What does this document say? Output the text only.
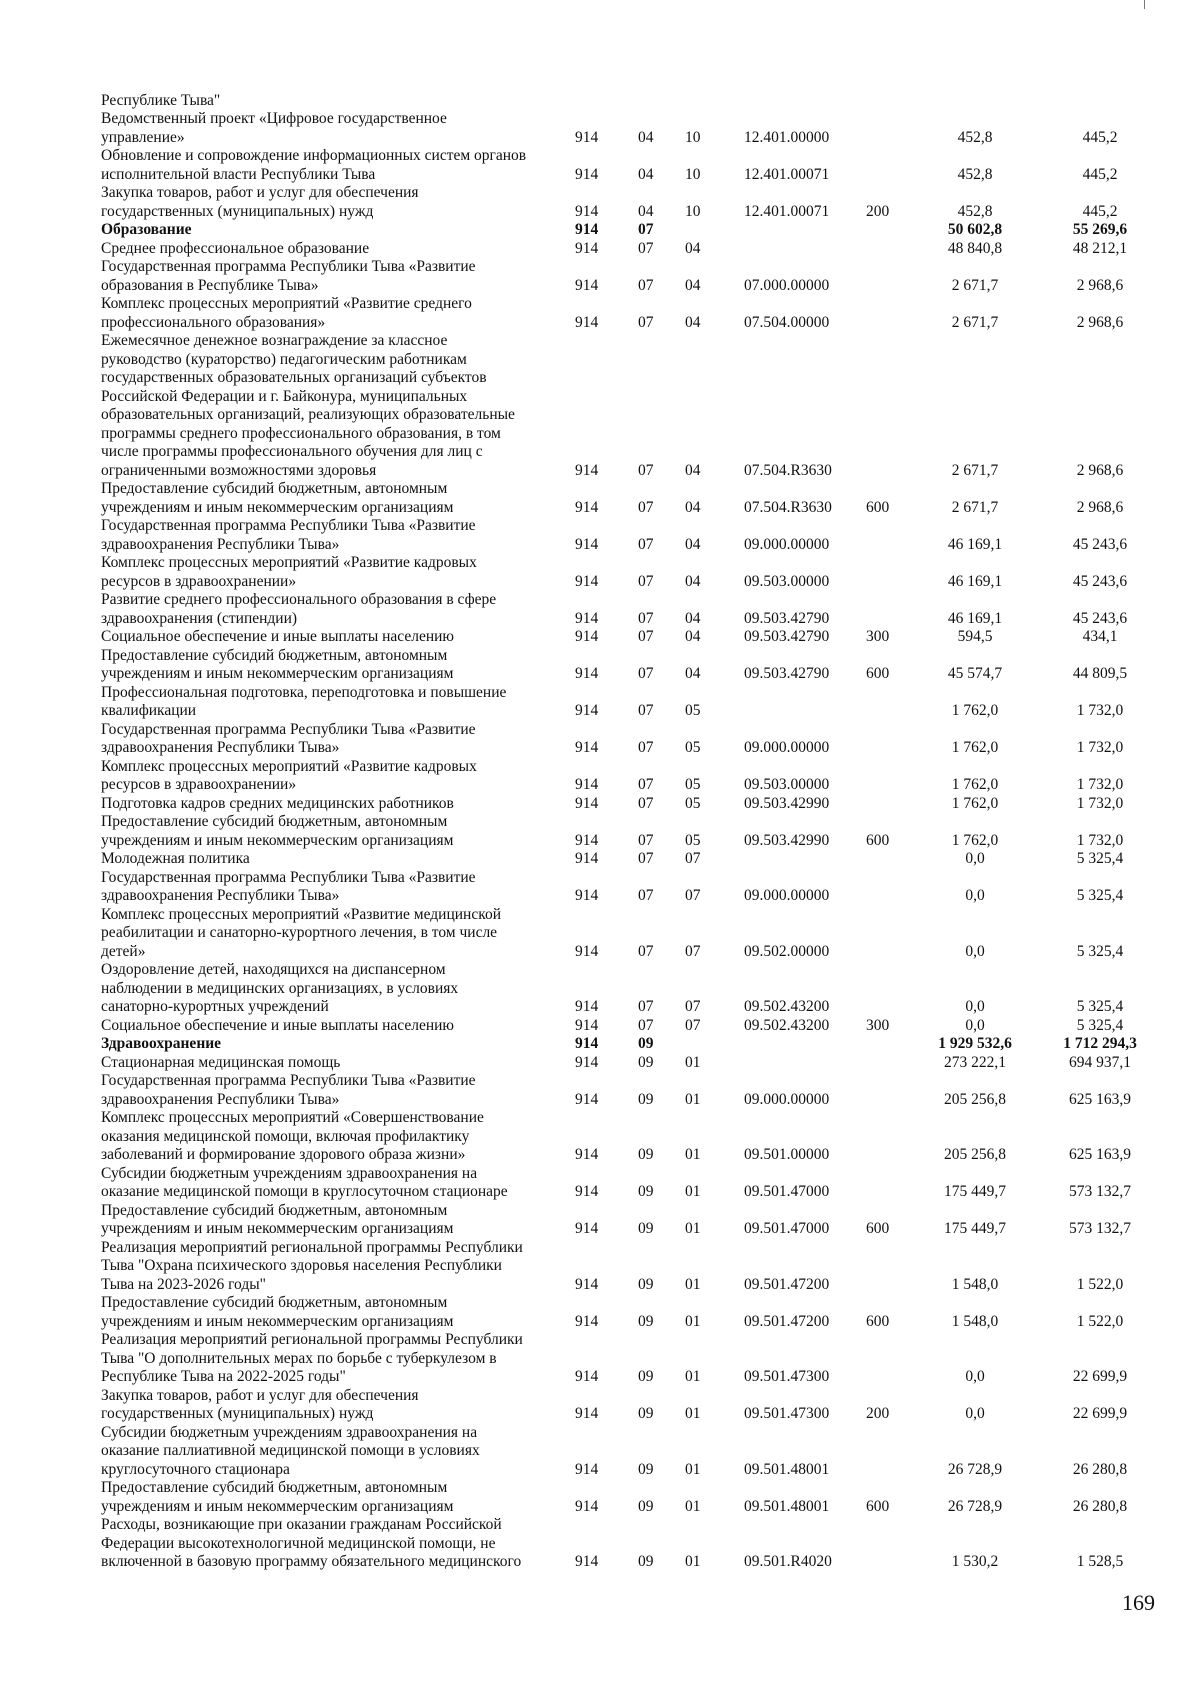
Республике Тыва"
Ведомственный проект «Цифровое государственное
управление»	914	04 10	12.401.00000	452,8	445,2
Обновление и сопровождение информационных систем органов
исполнительной власти Республики Тыва	914	04 10	12.401.00071	452,8	445,2
Закупка товаров, работ и услуг для обеспечения
государственных (муниципальных) нужд	914	04 10	12.401.00071 200	452,8	445,2
Образование	914	07	50 602,8	55 269,6
Среднее профессиональное образование	914	07 04	48 840,8	48 212,1
Государственная программа Республики Тыва «Развитие
образования в Республике Тыва»	914	07 04	07.000.00000	2 671,7	2 968,6
Комплекс процессных мероприятий «Развитие среднего
профессионального образования»	914	07 04	07.504.00000	2 671,7	2 968,6
Ежемесячное денежное вознаграждение за классное
руководство (кураторство) педагогическим работникам
государственных образовательных организаций субъектов
Российской Федерации и г. Байконура, муниципальных
образовательных организаций, реализующих образовательные
программы среднего профессионального образования, в том
числе программы профессионального обучения для лиц с
ограниченными возможностями здоровья	914	07 04	07.504.R3630	2 671,7	2 968,6
Предоставление субсидий бюджетным, автономным
учреждениям и иным некоммерческим организациям	914	07 04	07.504.R3630 600	2 671,7	2 968,6
Государственная программа Республики Тыва «Развитие
здравоохранения Республики Тыва»	914	07 04	09.000.00000	46 169,1	45 243,6
Комплекс процессных мероприятий «Развитие кадровых
ресурсов в здравоохранении»	914	07 04	09.503.00000	46 169,1	45 243,6
Развитие среднего профессионального образования в сфере
здравоохранения (стипендии)	914	07 04	09.503.42790	46 169,1	45 243,6
Социальное обеспечение и иные выплаты населению	914	07 04	09.503.42790 300	594,5	434,1
Предоставление субсидий бюджетным, автономным
учреждениям и иным некоммерческим организациям	914	07 04	09.503.42790 600	45 574,7	44 809,5
Профессиональная подготовка, переподготовка и повышение
квалификации	914	07 05	1 762,0	1 732,0
Государственная программа Республики Тыва «Развитие
здравоохранения Республики Тыва»	914	07 05	09.000.00000	1 762,0	1 732,0
Комплекс процессных мероприятий «Развитие кадровых
ресурсов в здравоохранении»	914	07 05	09.503.00000	1 762,0	1 732,0
Подготовка кадров средних медицинских работников	914	07 05	09.503.42990	1 762,0	1 732,0
Предоставление субсидий бюджетным, автономным
учреждениям и иным некоммерческим организациям	914	07 05	09.503.42990 600	1 762,0	1 732,0
Молодежная политика	914	07 07	0,0	5 325,4
Государственная программа Республики Тыва «Развитие
здравоохранения Республики Тыва»	914	07 07	09.000.00000	0,0	5 325,4
Комплекс процессных мероприятий «Развитие медицинской
реабилитации и санаторно-курортного лечения, в том числе
детей»	914	07 07	09.502.00000	0,0	5 325,4
Оздоровление детей, находящихся на диспансерном
наблюдении в медицинских организациях, в условиях
санаторно-курортных учреждений	914	07 07	09.502.43200	0,0	5 325,4
Социальное обеспечение и иные выплаты населению	914	07 07	09.502.43200 300	0,0	5 325,4
Здравоохранение	914	09	1 929 532,6	1 712 294,3
Стационарная медицинская помощь	914	09 01	273 222,1	694 937,1
Государственная программа Республики Тыва «Развитие
здравоохранения Республики Тыва»	914	09 01	09.000.00000	205 256,8	625 163,9
Комплекс процессных мероприятий «Совершенствование
оказания медицинской помощи, включая профилактику
заболеваний и формирование здорового образа жизни»	914	09 01	09.501.00000	205 256,8	625 163,9
Субсидии бюджетным учреждениям здравоохранения на
оказание медицинской помощи в круглосуточном стационаре	914	09 01	09.501.47000	175 449,7	573 132,7
Предоставление субсидий бюджетным, автономным
учреждениям и иным некоммерческим организациям	914	09 01	09.501.47000 600	175 449,7	573 132,7
Реализация мероприятий региональной программы Республики
Тыва "Охрана психического здоровья населения Республики
Тыва на 2023-2026 годы"	914	09 01	09.501.47200	1 548,0	1 522,0
Предоставление субсидий бюджетным, автономным
учреждениям и иным некоммерческим организациям	914	09 01	09.501.47200 600	1 548,0	1 522,0
Реализация мероприятий региональной программы Республики
Тыва "О дополнительных мерах по борьбе с туберкулезом в
Республике Тыва на 2022-2025 годы"	914	09 01	09.501.47300	0,0	22 699,9
Закупка товаров, работ и услуг для обеспечения
государственных (муниципальных) нужд	914	09 01	09.501.47300 200	0,0	22 699,9
Субсидии бюджетным учреждениям здравоохранения на
оказание паллиативной медицинской помощи в условиях
круглосуточного стационара	914	09 01	09.501.48001	26 728,9	26 280,8
Предоставление субсидий бюджетным, автономным
учреждениям и иным некоммерческим организациям	914	09 01	09.501.48001 600	26 728,9	26 280,8
Расходы, возникающие при оказании гражданам Российской
Федерации высокотехнологичной медицинской помощи, не
включенной в базовую программу обязательного медицинского	914	09 01	09.501.R4020	1 530,2	1 528,5
169
